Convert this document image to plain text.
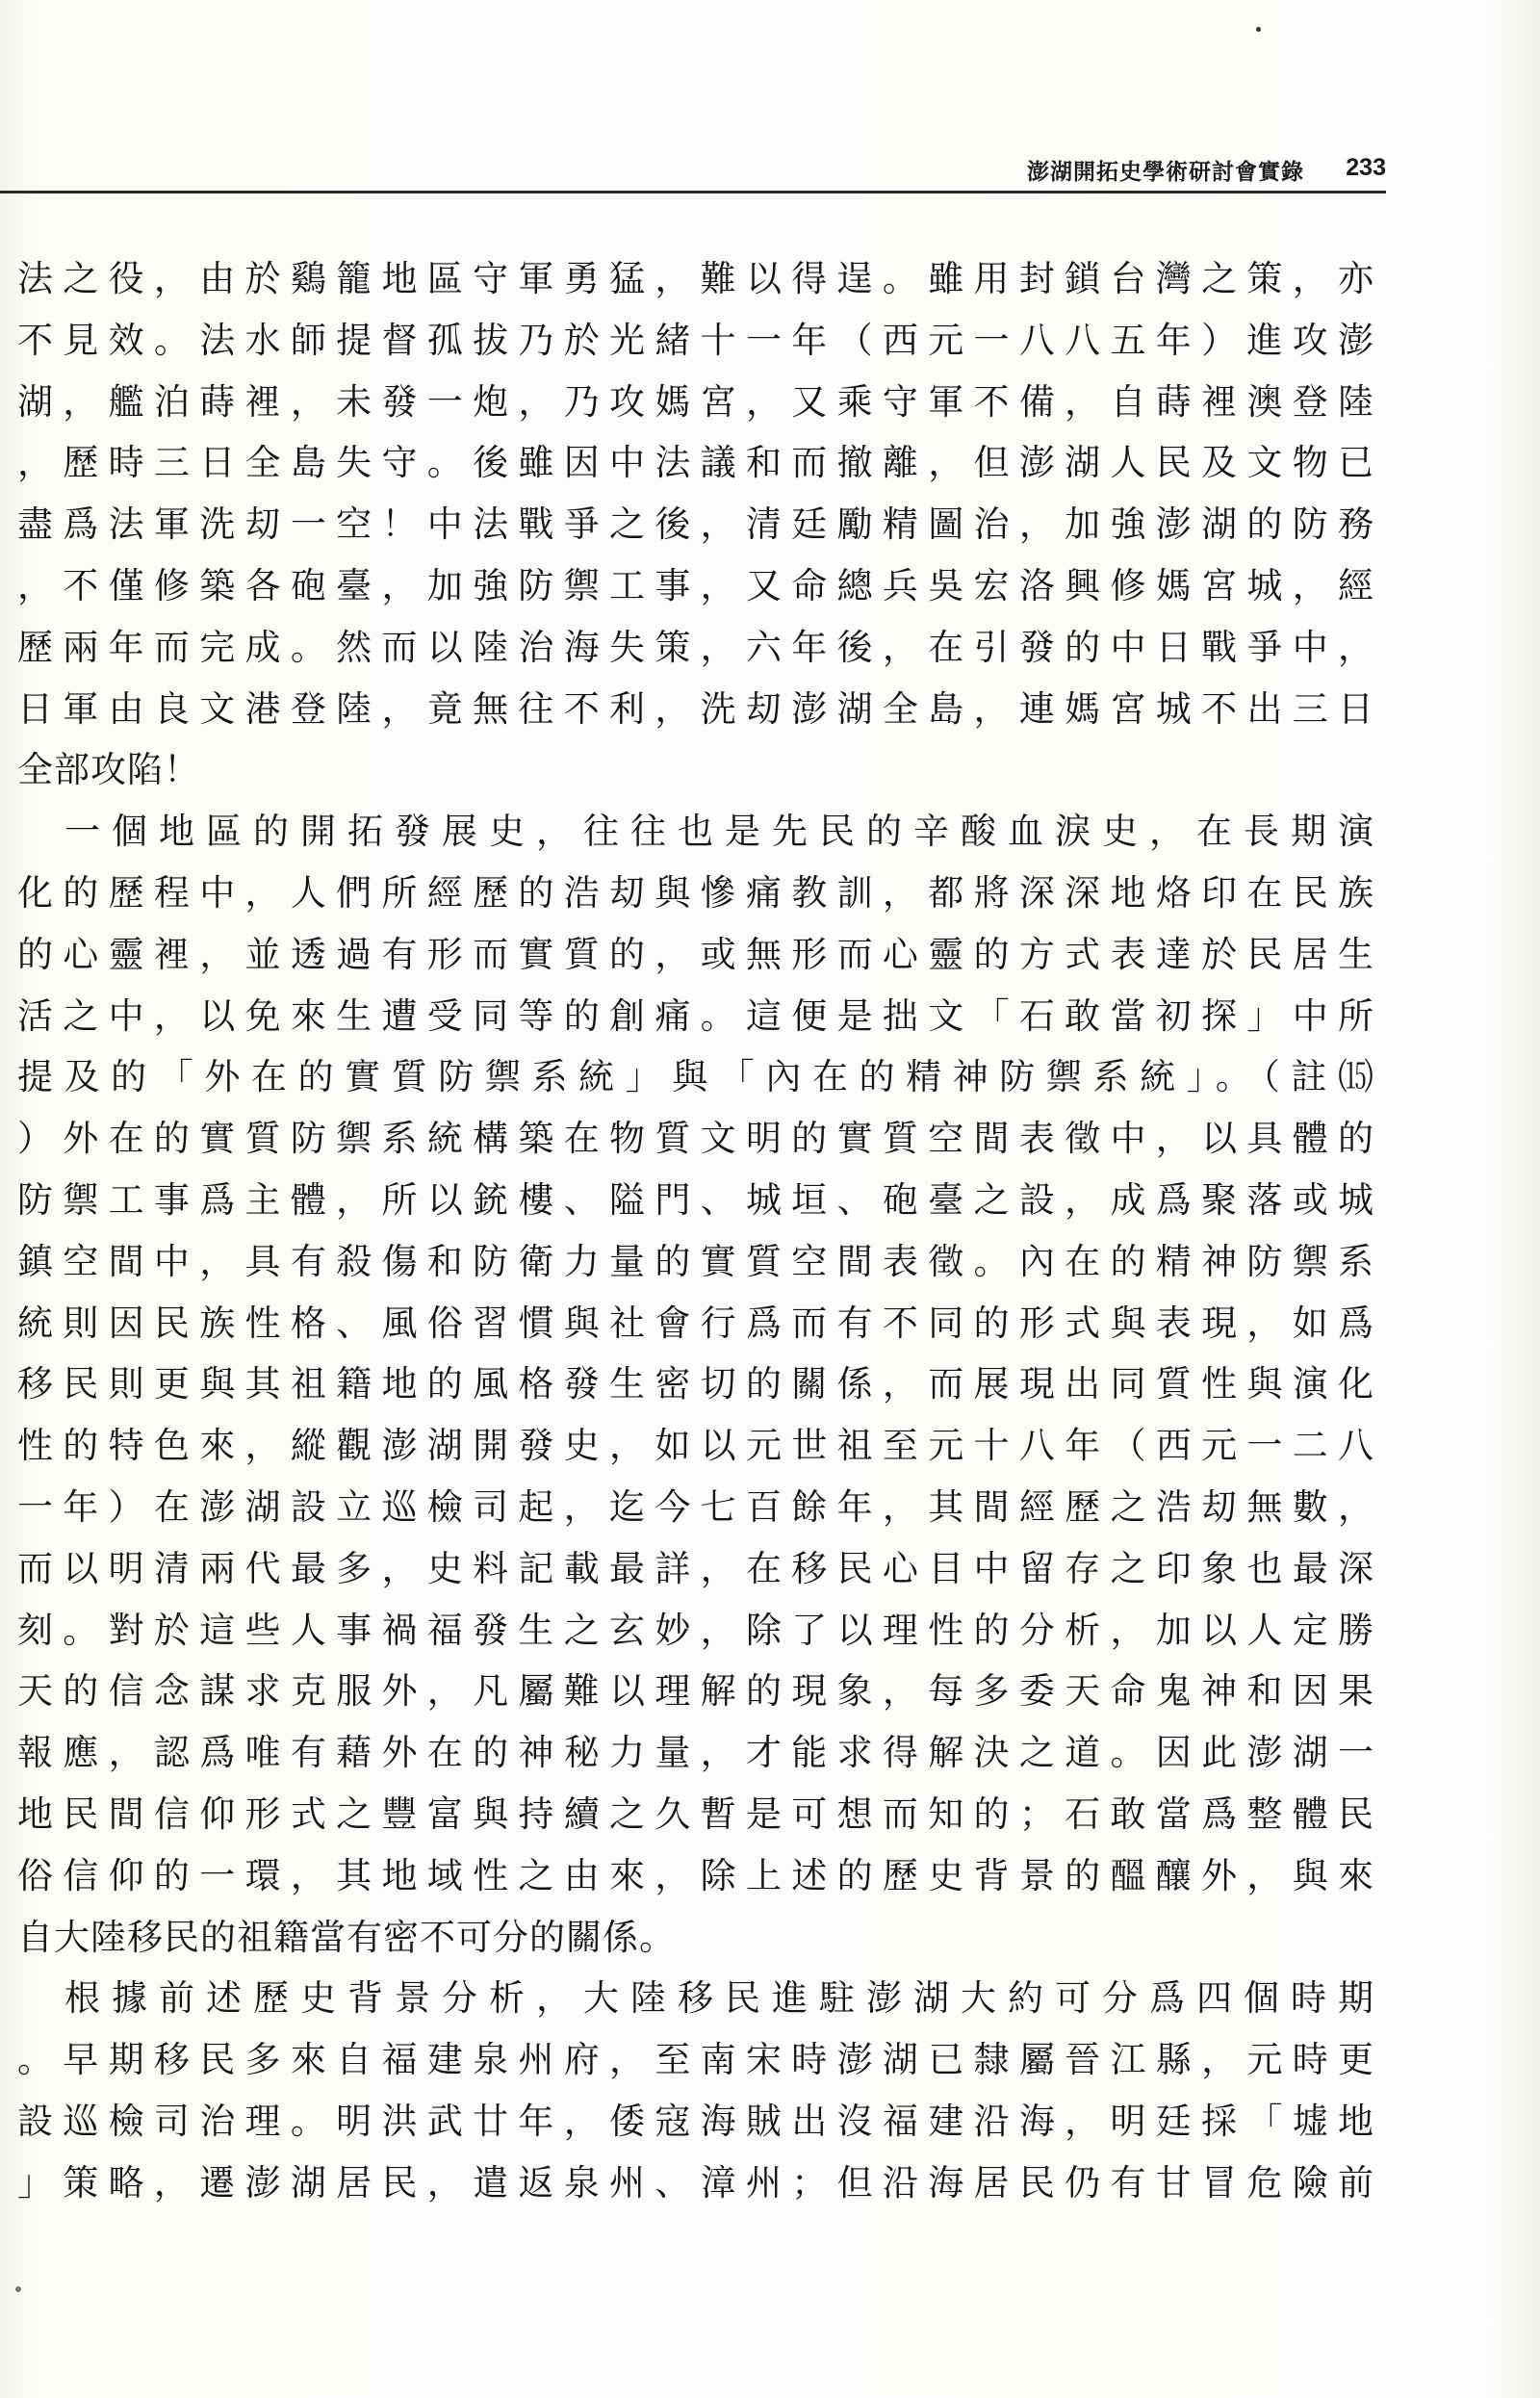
澎湖開拓史學術研討會實錄 233
法之役，由於鷄籠地區守軍勇猛，難以得逞。雖用封鎖台灣之策，亦
不見效。法水師提督孤拔乃於光緒十一年（西元一八八五年）進攻澎
湖，艦泊蒔裡，未發一炮，乃攻媽宮，又乘守軍不備，自蒔裡澳登陸
，歷時三日全島失守。後雖因中法議和而撤離，但澎湖人民及文物已
盡爲法軍洗刧一空！中法戰爭之後，清廷勵精圖治，加強澎湖的防務
，不僅修築各砲臺，加強防禦工事，又命總兵吳宏洛興修媽宮城，經
歷兩年而完成。然而以陸治海失策，六年後，在引發的中日戰爭中，
日軍由良文港登陸，竟無往不利，洗刧澎湖全島，連媽宮城不出三日
全部攻陷！
　一個地區的開拓發展史，往往也是先民的辛酸血淚史，在長期演
化的歷程中，人們所經歷的浩刧與慘痛教訓，都將深深地烙印在民族
的心靈裡，並透過有形而實質的，或無形而心靈的方式表達於民居生
活之中，以免來生遭受同等的創痛。這便是拙文「石敢當初探」中所
提及的「外在的實質防禦系統」與「內在的精神防禦系統」。（註⒂
）外在的實質防禦系統構築在物質文明的實質空間表徵中，以具體的
防禦工事爲主體，所以銃樓、隘門、城垣、砲臺之設，成爲聚落或城
鎮空間中，具有殺傷和防衛力量的實質空間表徵。內在的精神防禦系
統則因民族性格、風俗習慣與社會行爲而有不同的形式與表現，如爲
移民則更與其祖籍地的風格發生密切的關係，而展現出同質性與演化
性的特色來，縱觀澎湖開發史，如以元世祖至元十八年（西元一二八
一年）在澎湖設立巡檢司起，迄今七百餘年，其間經歷之浩刧無數，
而以明清兩代最多，史料記載最詳，在移民心目中留存之印象也最深
刻。對於這些人事禍福發生之玄妙，除了以理性的分析，加以人定勝
天的信念謀求克服外，凡屬難以理解的現象，每多委天命鬼神和因果
報應，認爲唯有藉外在的神秘力量，才能求得解決之道。因此澎湖一
地民間信仰形式之豐富與持續之久暫是可想而知的；石敢當爲整體民
俗信仰的一環，其地域性之由來，除上述的歷史背景的醞釀外，與來
自大陸移民的祖籍當有密不可分的關係。
　根據前述歷史背景分析，大陸移民進駐澎湖大約可分爲四個時期
。早期移民多來自福建泉州府，至南宋時澎湖已隸屬晉江縣，元時更
設巡檢司治理。明洪武廿年，倭寇海賊出沒福建沿海，明廷採「墟地
」策略，遷澎湖居民，遣返泉州、漳州；但沿海居民仍有甘冒危險前
